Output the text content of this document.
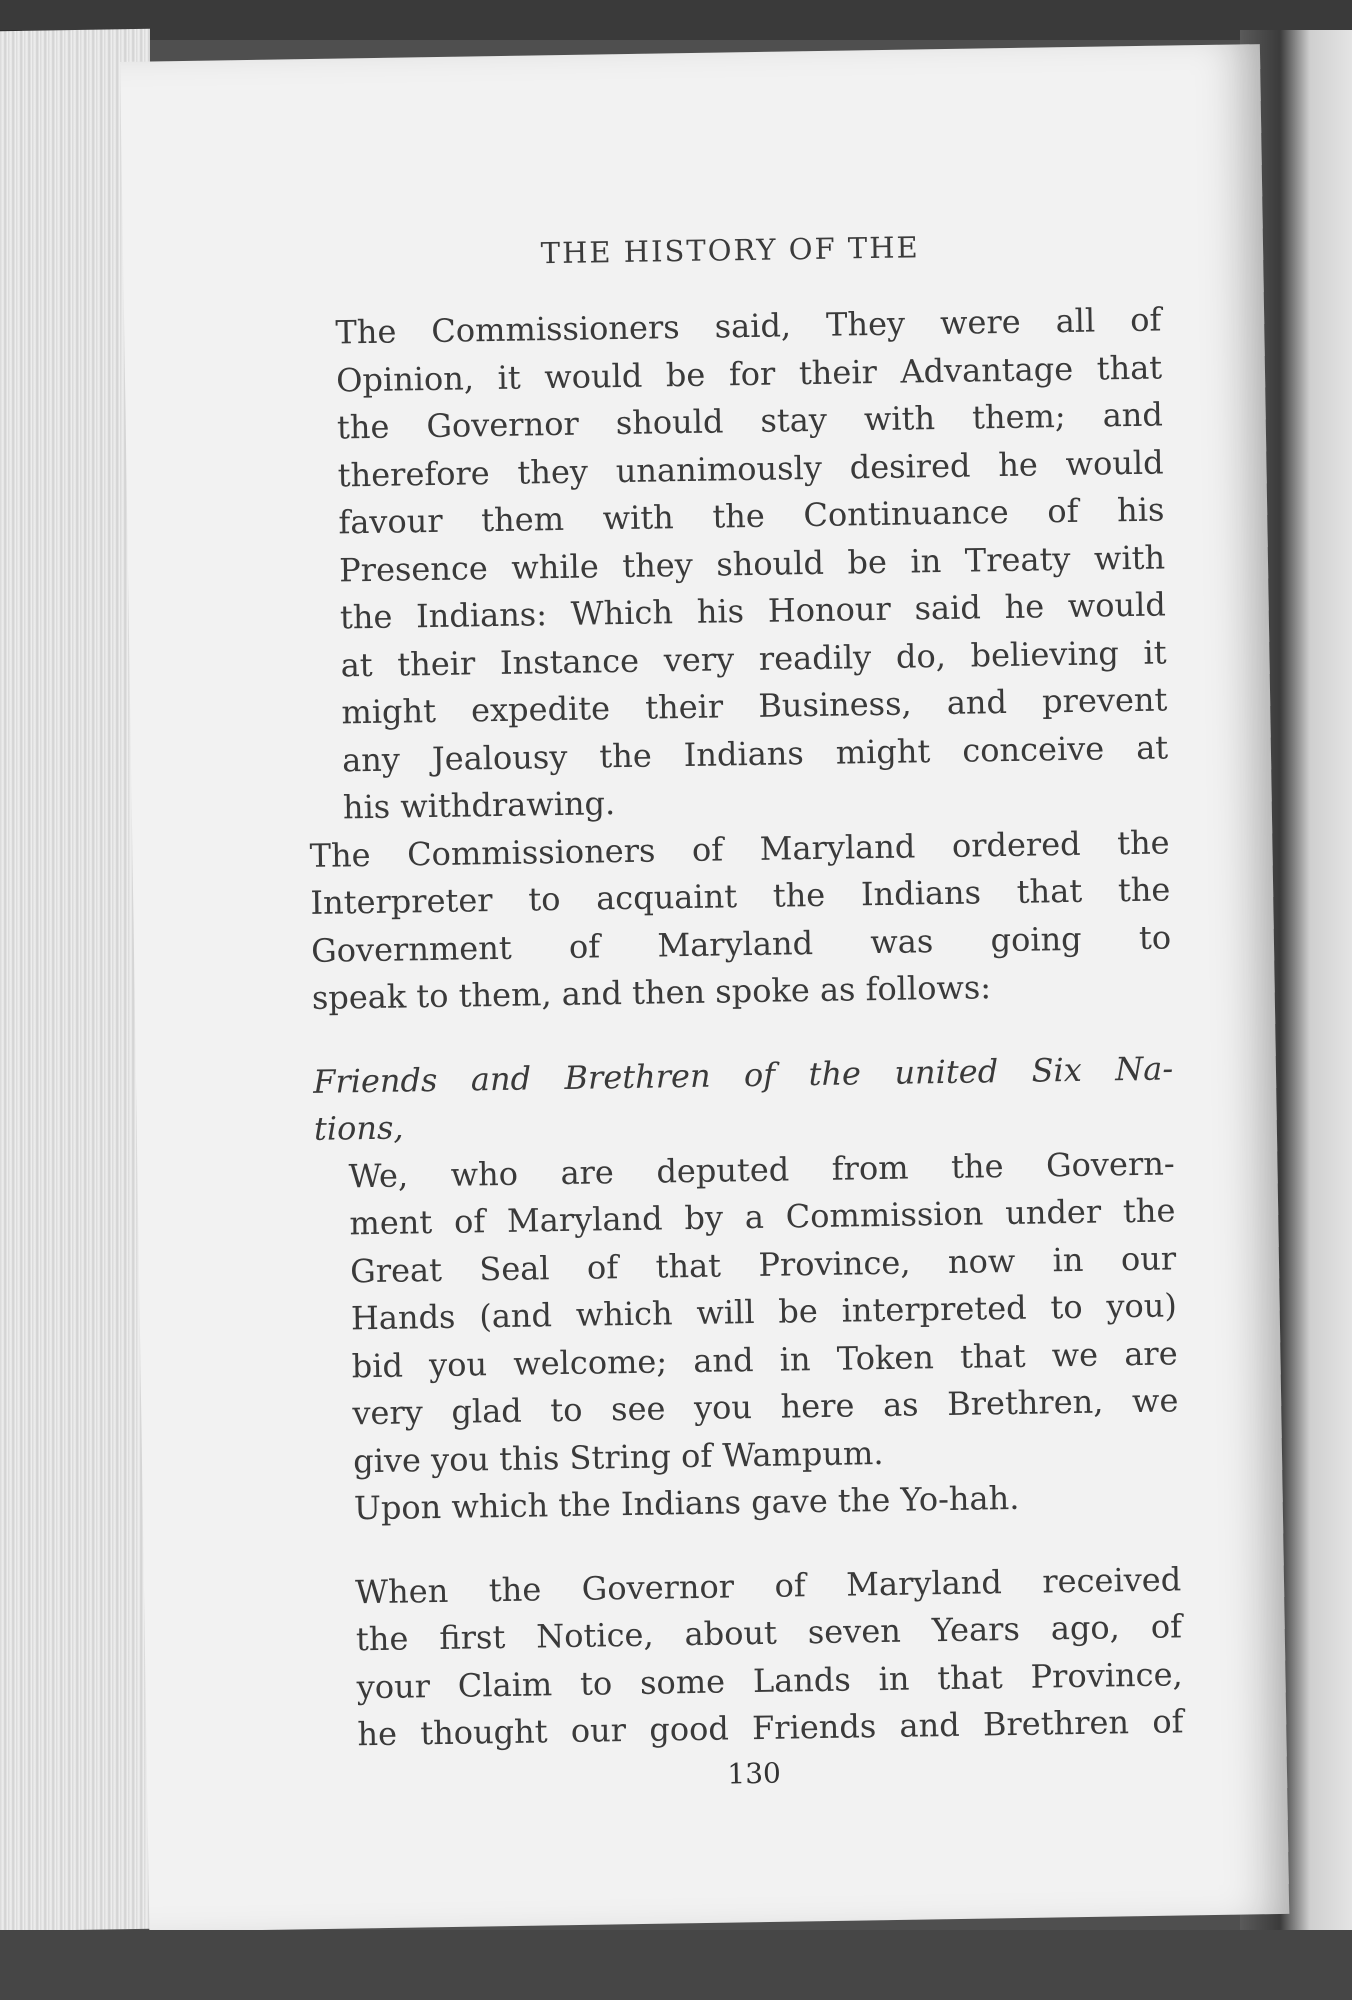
THE HISTORY OF THE

The Commissioners said, They were all of
Opinion, it would be for their Advantage that
the Governor should stay with them; and
therefore they unanimously desired he would
favour them with the Continuance of his
Presence while they should be in Treaty with
the Indians: Which his Honour said he would
at their Instance very readily do, believing it
might expedite their Business, and prevent
any Jealousy the Indians might conceive at
his withdrawing.

The Commissioners of Maryland ordered the
Interpreter to acquaint the Indians that the
Government of Maryland was going to
speak to them, and then spoke as follows:

Friends and Brethren of the united Six Na-
tions,

We, who are deputed from the Govern-
ment of Maryland by a Commission under the
Great Seal of that Province, now in our
Hands (and which will be interpreted to you)
bid you welcome; and in Token that we are
very glad to see you here as Brethren, we
give you this String of Wampum.

Upon which the Indians gave the Yo-hah.

When the Governor of Maryland received
the first Notice, about seven Years ago, of
your Claim to some Lands in that Province,
he thought our good Friends and Brethren of

130
